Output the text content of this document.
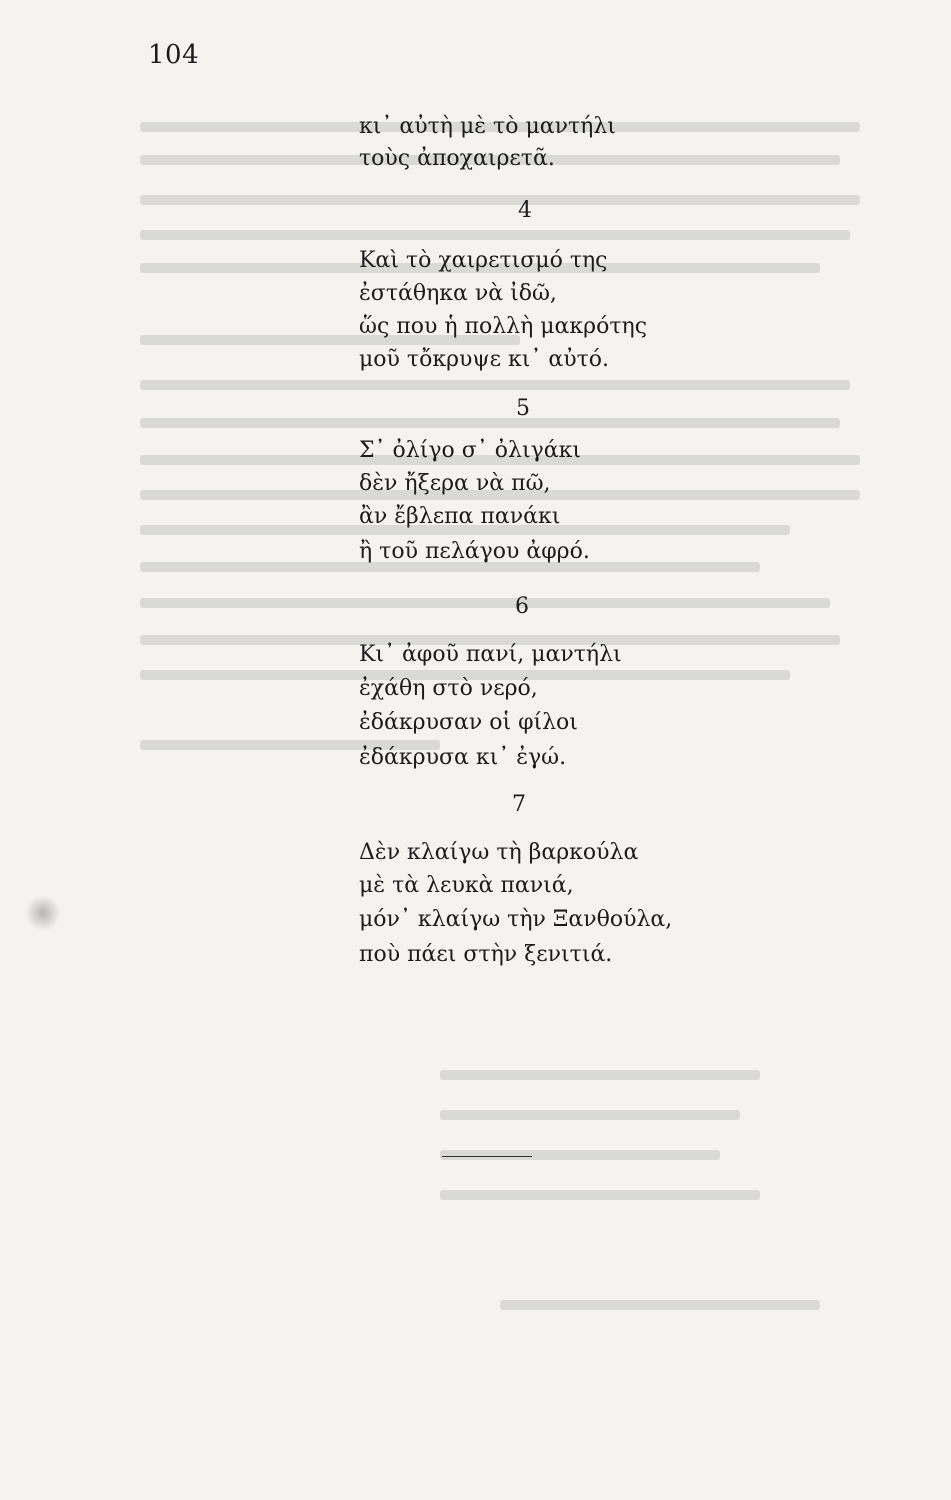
104
κι᾽ αὐτὴ μὲ τὸ μαντήλι
τοὺς ἀποχαιρετᾶ.
4
Καὶ τὸ χαιρετισμό της
ἐστάθηκα νὰ ἰδῶ,
ὥς που ἡ πολλὴ μακρότης
μοῦ τὄκρυψε κι᾽ αὐτό.
5
Σ᾽ ὀλίγο σ᾽ ὀλιγάκι
δὲν ἤξερα νὰ πῶ,
ἂν ἔβλεπα πανάκι
ἢ τοῦ πελάγου ἀφρό.
6
Κι᾽ ἀφοῦ πανί, μαντήλι
ἐχάθη στὸ νερό,
ἐδάκρυσαν οἱ φίλοι
ἐδάκρυσα κι᾽ ἐγώ.
7
Δὲν κλαίγω τὴ βαρκούλα
μὲ τὰ λευκὰ πανιά,
μόν᾽ κλαίγω τὴν Ξανθούλα,
ποὺ πάει στὴν ξενιτιά.
